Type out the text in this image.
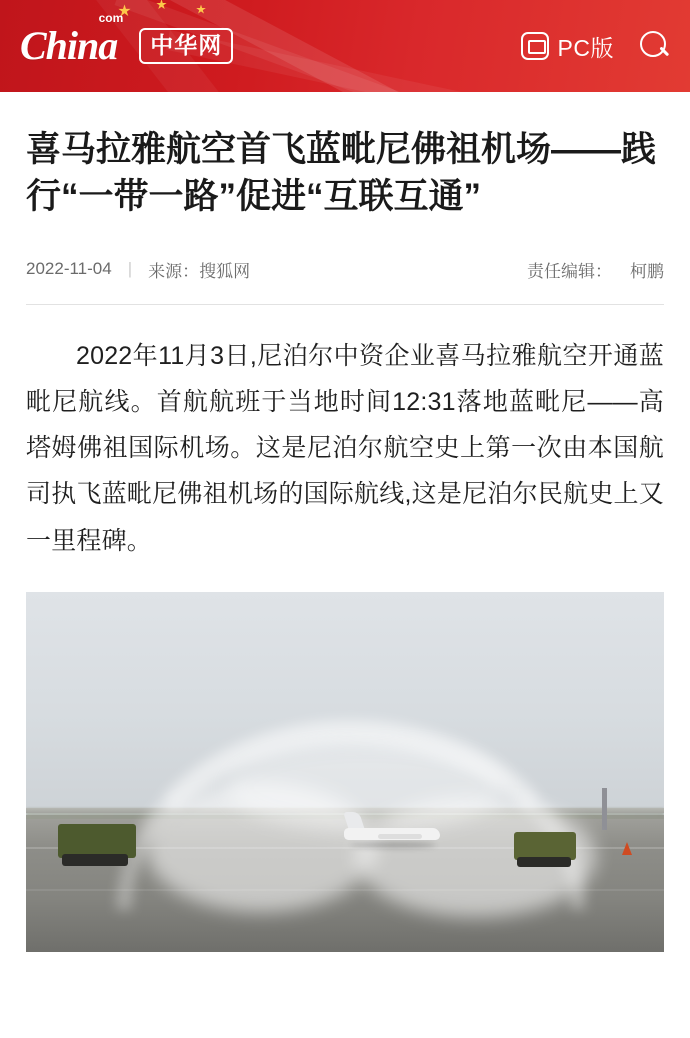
★ ★	★
China
com
中华网	PC版
喜马拉雅航空首飞蓝毗尼佛祖机场——践行“一带一路”促进“互联互通”
2022-11-04 | 来源： 搜狐网	责任编辑： 柯鹏

2022年11月3日,尼泊尔中资企业喜马拉雅航空开通蓝毗尼航线。首航航班于当地时间12:31落地蓝毗尼——高塔姆佛祖国际机场。这是尼泊尔航空史上第一次由本国航司执飞蓝毗尼佛祖机场的国际航线,这是尼泊尔民航史上又一里程碑。
